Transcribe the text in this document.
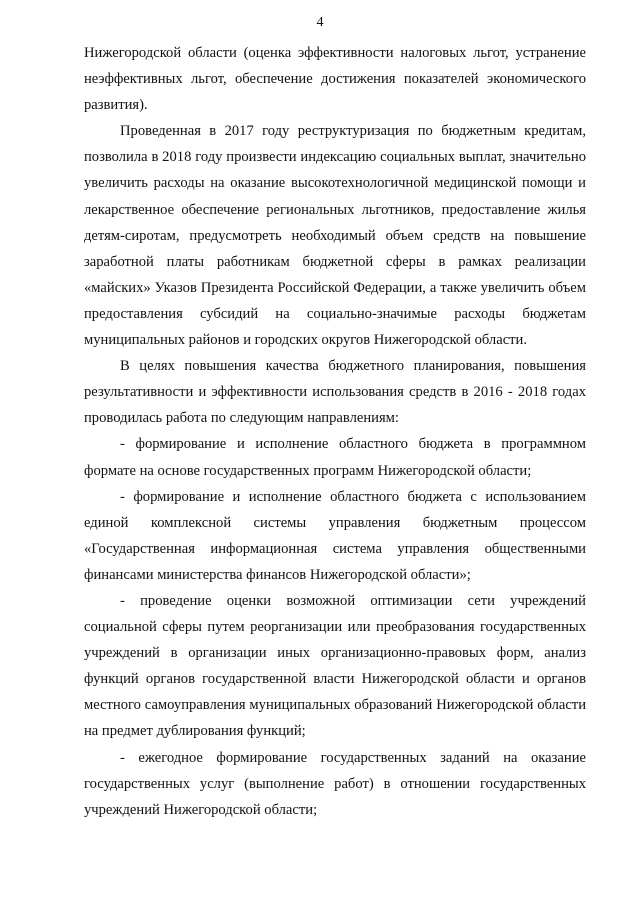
4

Нижегородской области (оценка эффективности налоговых льгот, устранение неэффективных льгот, обеспечение достижения показателей экономического развития).

Проведенная в 2017 году реструктуризация по бюджетным кредитам, позволила в 2018 году произвести индексацию социальных выплат, значительно увеличить расходы на оказание высокотехнологичной медицинской помощи и лекарственное обеспечение региональных льготников, предоставление жилья детям-сиротам, предусмотреть необходимый объем средств на повышение заработной платы работникам бюджетной сферы в рамках реализации «майских» Указов Президента Российской Федерации, а также увеличить объем предоставления субсидий на социально-значимые расходы бюджетам муниципальных районов и городских округов Нижегородской области.

В целях повышения качества бюджетного планирования, повышения результативности и эффективности использования средств в 2016 - 2018 годах проводилась работа по следующим направлениям:

- формирование и исполнение областного бюджета в программном формате на основе государственных программ Нижегородской области;

- формирование и исполнение областного бюджета с использованием единой комплексной системы управления бюджетным процессом «Государственная информационная система управления общественными финансами министерства финансов Нижегородской области»;

- проведение оценки возможной оптимизации сети учреждений социальной сферы путем реорганизации или преобразования государственных учреждений в организации иных организационно-правовых форм, анализ функций органов государственной власти Нижегородской области и органов местного самоуправления муниципальных образований Нижегородской области на предмет дублирования функций;

- ежегодное формирование государственных заданий на оказание государственных услуг (выполнение работ) в отношении государственных учреждений Нижегородской области;
